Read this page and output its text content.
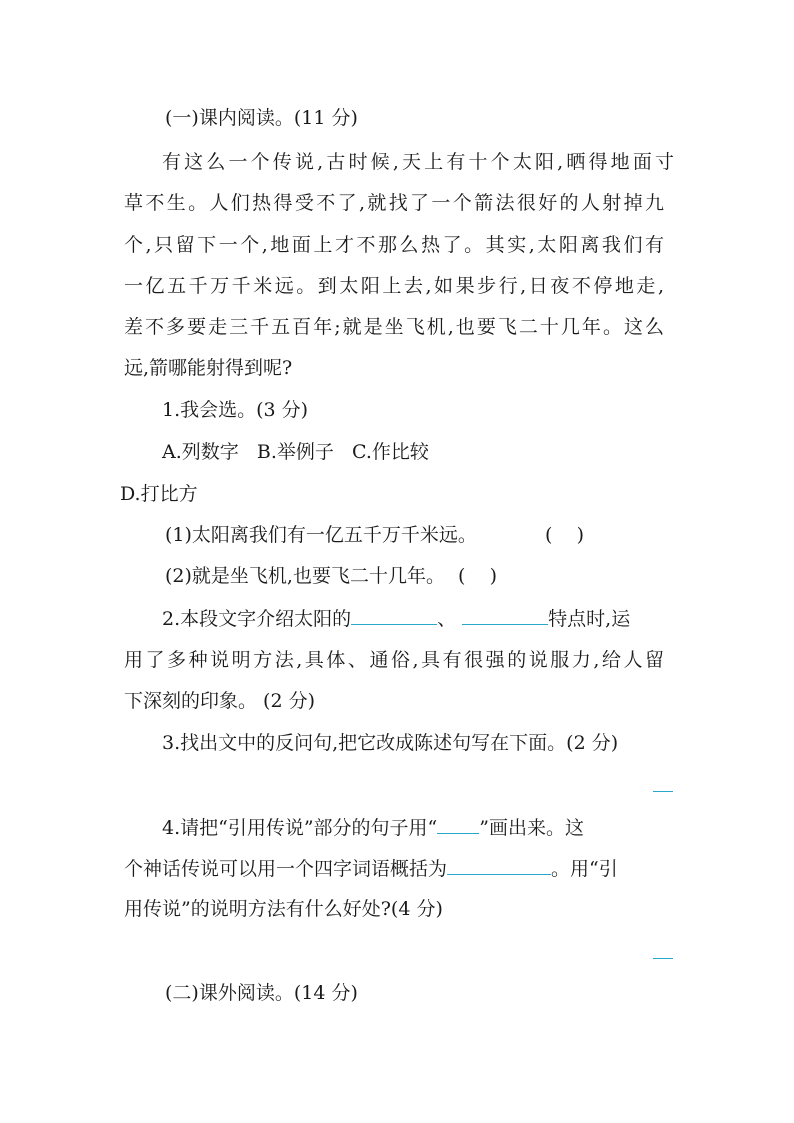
(一)课内阅读。(11 分)
有这么一个传说,古时候,天上有十个太阳,晒得地面寸
草不生。人们热得受不了,就找了一个箭法很好的人射掉九
个,只留下一个,地面上才不那么热了。其实,太阳离我们有
一亿五千万千米远。到太阳上去,如果步行,日夜不停地走,
差不多要走三千五百年;就是坐飞机,也要飞二十几年。这么
远,箭哪能射得到呢?
1.我会选。(3 分)
A.列数字   B.举例子   C.作比较
D.打比方
(1)太阳离我们有一亿五千万千米远。	(    )
(2)就是坐飞机,也要飞二十几年。 (    )
2.本段文字介绍太阳的	、	特点时,运
用了多种说明方法,具体、通俗,具有很强的说服力,给人留
下深刻的印象。 (2 分)
3.找出文中的反问句,把它改成陈述句写在下面。(2 分)
4.请把“引用传说”部分的句子用“ ”画出来。这
个神话传说可以用一个四字词语概括为	。用“引
用传说”的说明方法有什么好处?(4 分)
(二)课外阅读。(14 分)
